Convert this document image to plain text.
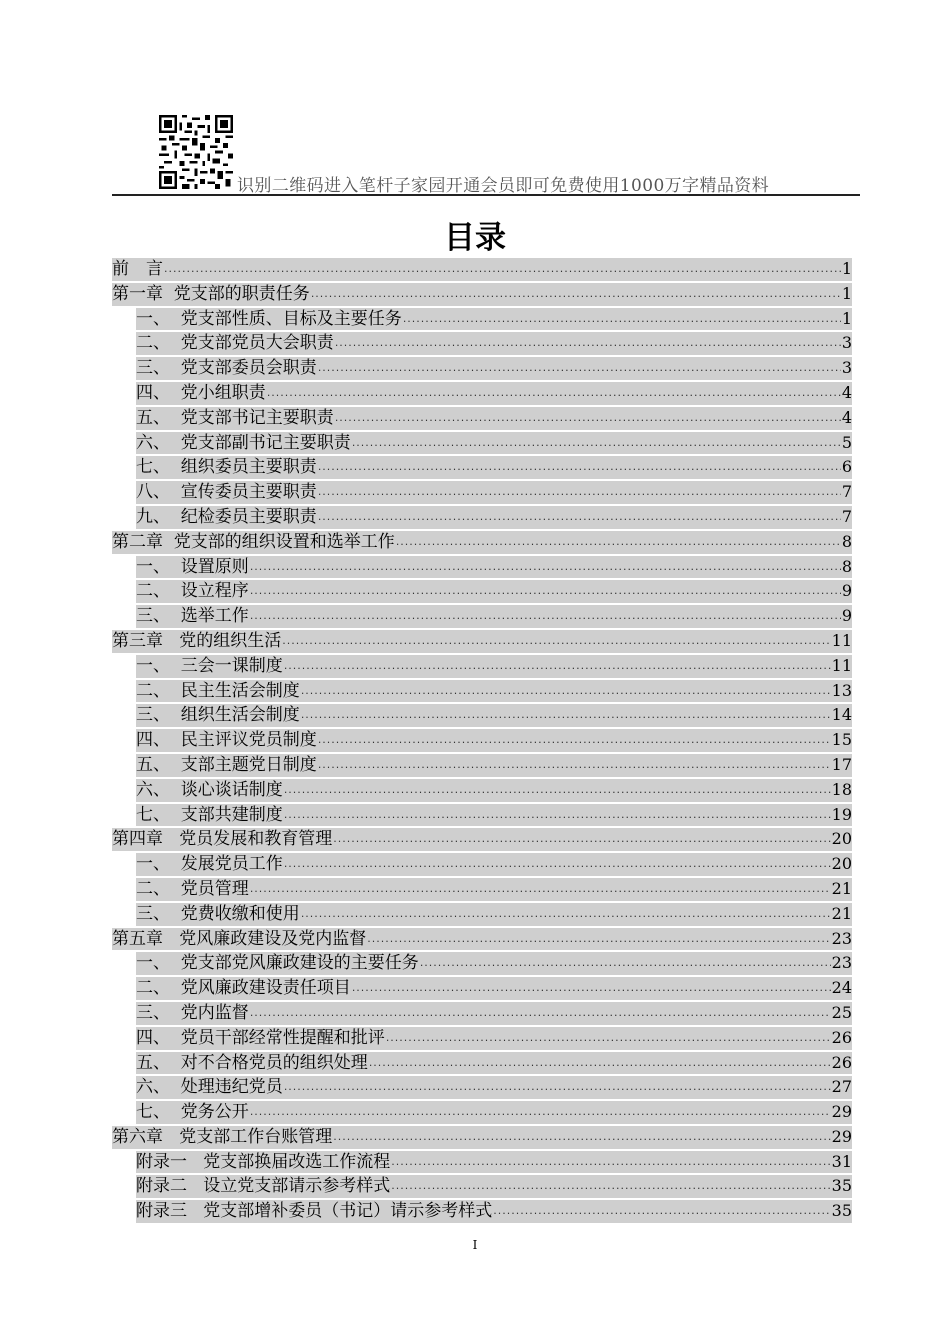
识别二维码进入笔杆子家园开通会员即可免费使用1000万字精品资料
目录
前　言 .....	1
第一章  党支部的职责任务 .....	1
一、  党支部性质、目标及主要任务 .....	1
二、  党支部党员大会职责 .....	3
三、  党支部委员会职责 .....	3
四、  党小组职责 .....	4
五、  党支部书记主要职责 .....	4
六、  党支部副书记主要职责 .....	5
七、  组织委员主要职责 .....	6
八、  宣传委员主要职责 .....	7
九、  纪检委员主要职责 .....	7
第二章  党支部的组织设置和选举工作 .....	8
一、  设置原则 .....	8
二、  设立程序 .....	9
三、  选举工作 .....	9
第三章   党的组织生活 .....	11
一、  三会一课制度 .....	11
二、  民主生活会制度 .....	13
三、  组织生活会制度 .....	14
四、  民主评议党员制度 .....	15
五、  支部主题党日制度 .....	17
六、  谈心谈话制度 .....	18
七、  支部共建制度 .....	19
第四章   党员发展和教育管理 .....	20
一、  发展党员工作 .....	20
二、  党员管理 .....	21
三、  党费收缴和使用 .....	21
第五章   党风廉政建设及党内监督 .....	23
一、  党支部党风廉政建设的主要任务 .....	23
二、  党风廉政建设责任项目 .....	24
三、  党内监督 .....	25
四、  党员干部经常性提醒和批评 .....	26
五、  对不合格党员的组织处理 .....	26
六、  处理违纪党员 .....	27
七、  党务公开 .....	29
第六章   党支部工作台账管理 .....	29
附录一   党支部换届改选工作流程 .....	31
附录二   设立党支部请示参考样式 .....	35
附录三   党支部增补委员（书记）请示参考样式 .....	35
I
